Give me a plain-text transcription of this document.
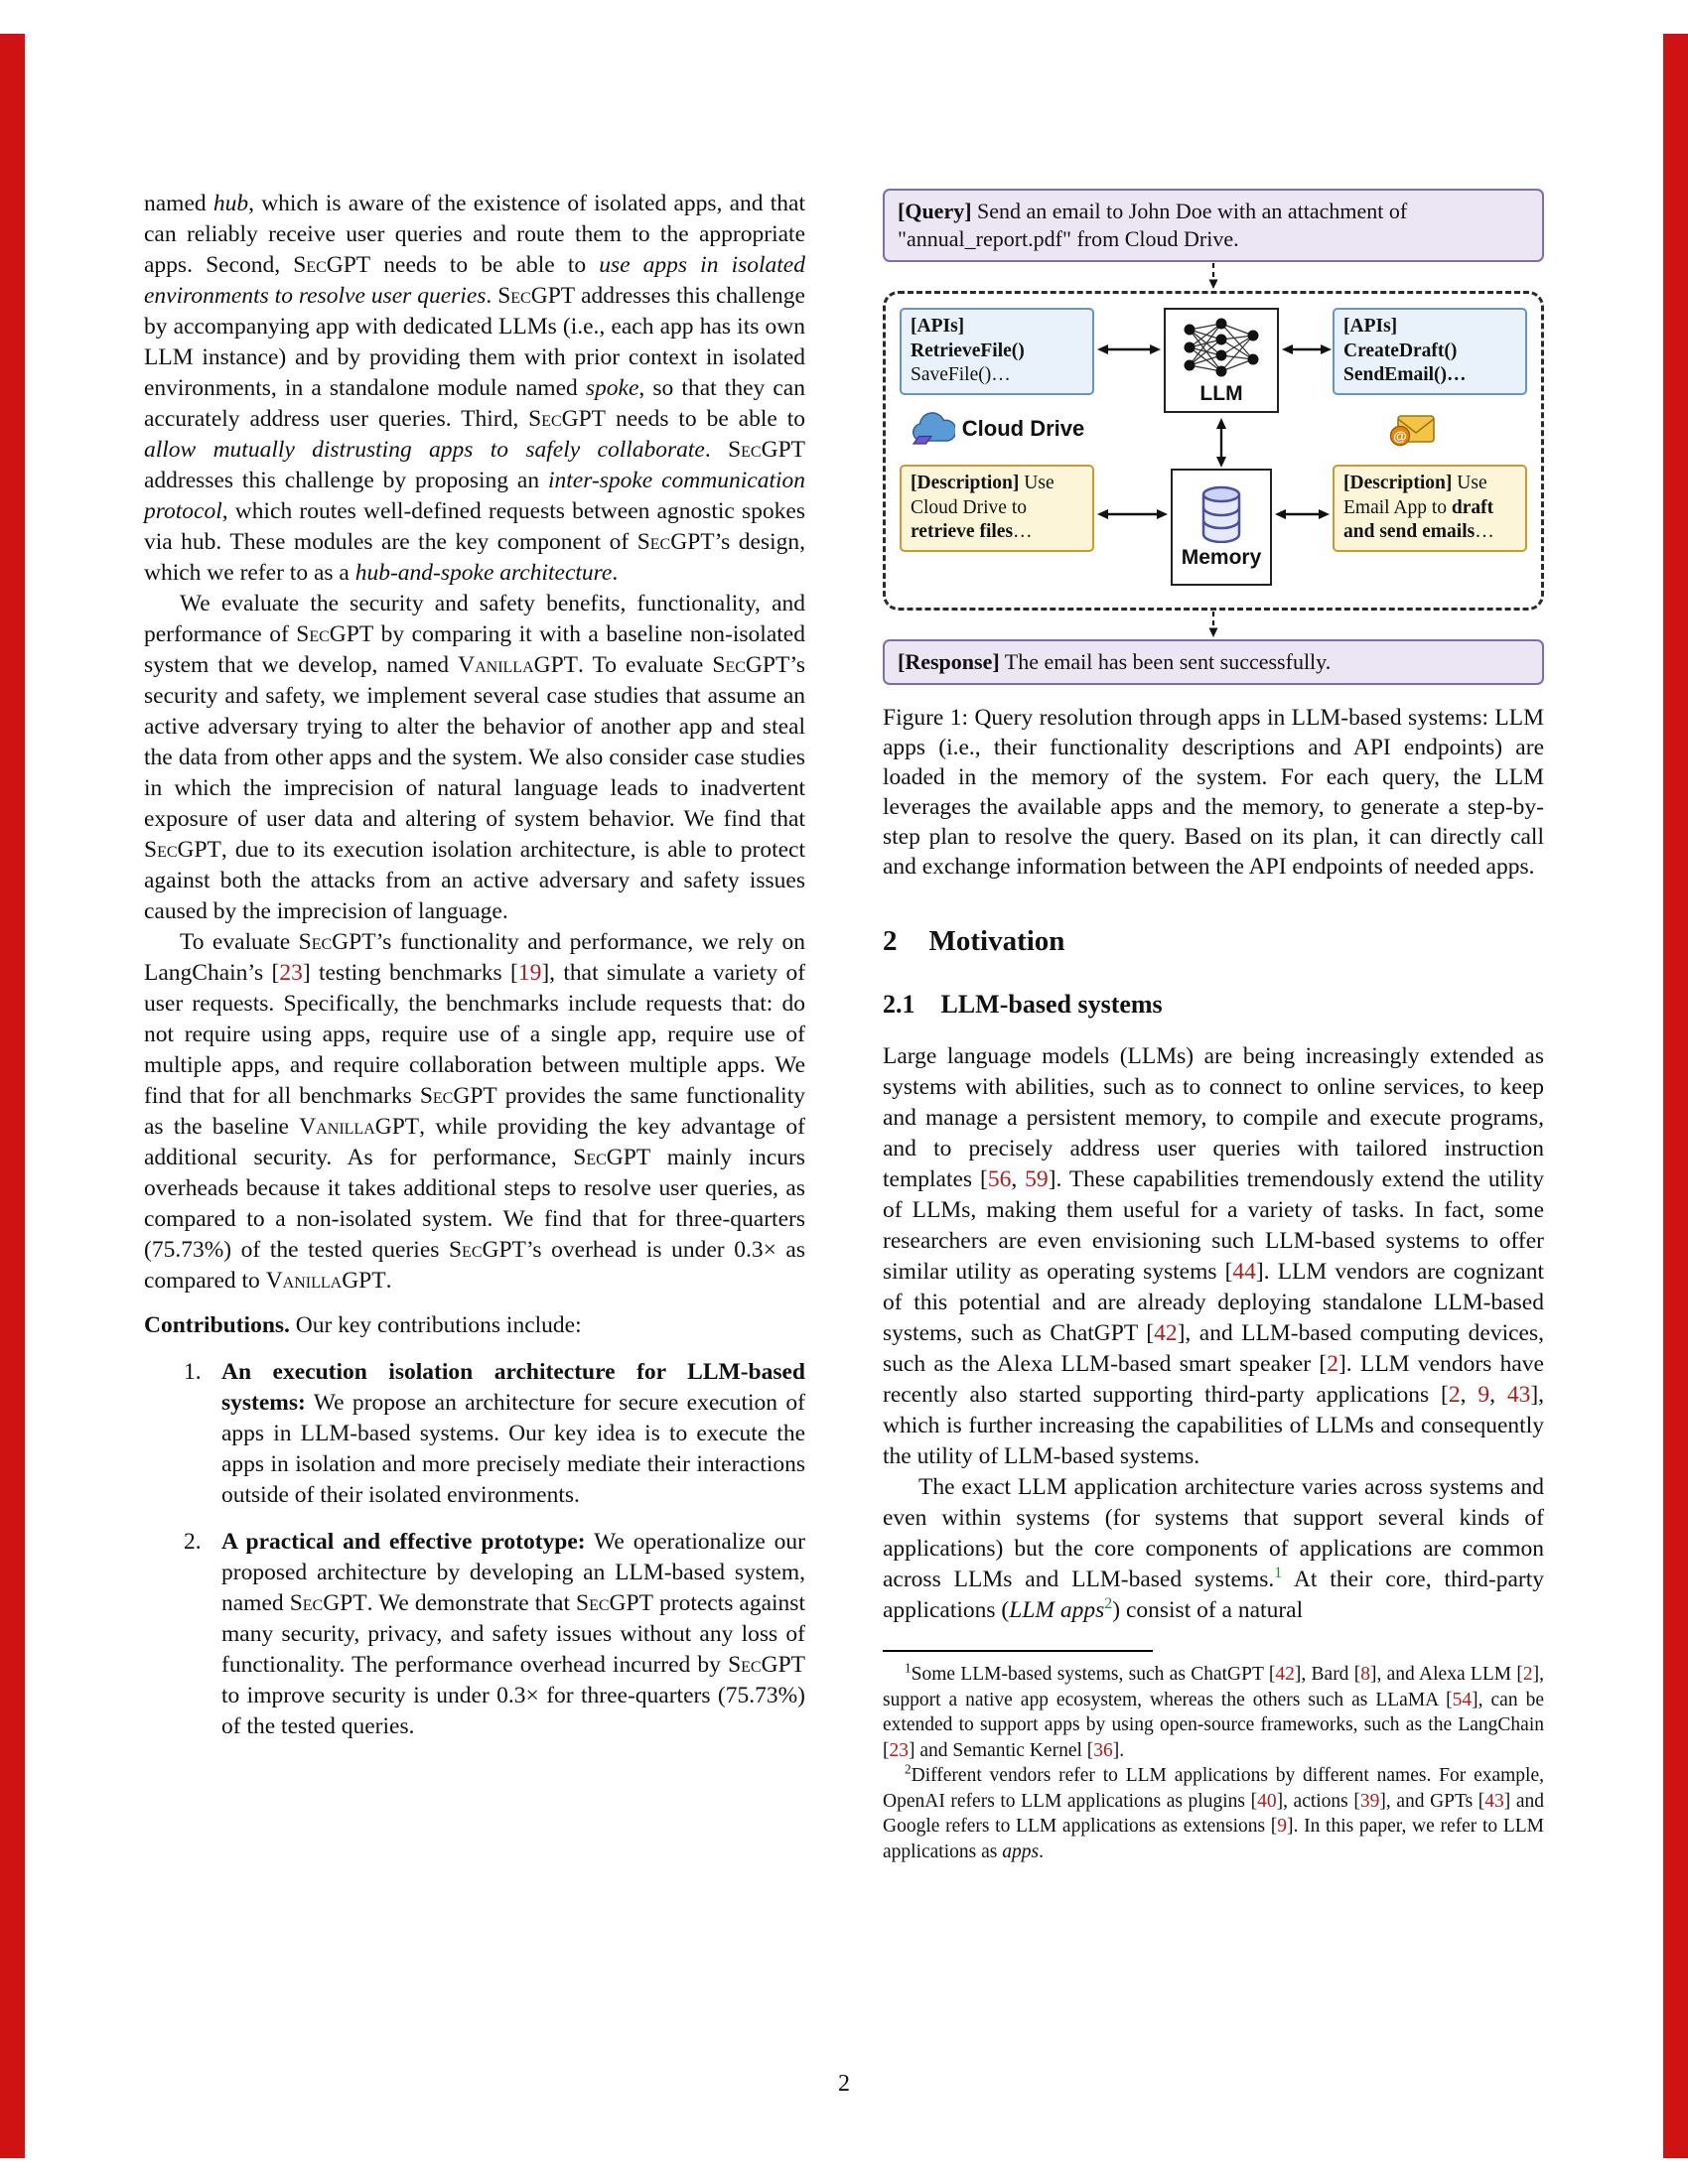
named hub, which is aware of the existence of isolated apps, and that can reliably receive user queries and route them to the appropriate apps. Second, SecGPT needs to be able to use apps in isolated environments to resolve user queries. SecGPT addresses this challenge by accompanying app with dedicated LLMs (i.e., each app has its own LLM instance) and by providing them with prior context in isolated environments, in a standalone module named spoke, so that they can accurately address user queries. Third, SecGPT needs to be able to allow mutually distrusting apps to safely collaborate. SecGPT addresses this challenge by proposing an inter-spoke communication protocol, which routes well-defined requests between agnostic spokes via hub. These modules are the key component of SecGPT’s design, which we refer to as a hub-and-spoke architecture.

We evaluate the security and safety benefits, functionality, and performance of SecGPT by comparing it with a baseline non-isolated system that we develop, named VanillaGPT. To evaluate SecGPT’s security and safety, we implement several case studies that assume an active adversary trying to alter the behavior of another app and steal the data from other apps and the system. We also consider case studies in which the imprecision of natural language leads to inadvertent exposure of user data and altering of system behavior. We find that SecGPT, due to its execution isolation architecture, is able to protect against both the attacks from an active adversary and safety issues caused by the imprecision of language.

To evaluate SecGPT’s functionality and performance, we rely on LangChain’s [23] testing benchmarks [19], that simulate a variety of user requests. Specifically, the benchmarks include requests that: do not require using apps, require use of a single app, require use of multiple apps, and require collaboration between multiple apps. We find that for all benchmarks SecGPT provides the same functionality as the baseline VanillaGPT, while providing the key advantage of additional security. As for performance, SecGPT mainly incurs overheads because it takes additional steps to resolve user queries, as compared to a non-isolated system. We find that for three-quarters (75.73%) of the tested queries SecGPT’s overhead is under 0.3× as compared to VanillaGPT.

Contributions. Our key contributions include:

1. An execution isolation architecture for LLM-based systems: We propose an architecture for secure execution of apps in LLM-based systems. Our key idea is to execute the apps in isolation and more precisely mediate their interactions outside of their isolated environments.

2. A practical and effective prototype: We operationalize our proposed architecture by developing an LLM-based system, named SecGPT. We demonstrate that SecGPT protects against many security, privacy, and safety issues without any loss of functionality. The performance overhead incurred by SecGPT to improve security is under 0.3× for three-quarters (75.73%) of the tested queries.

[Query] Send an email to John Doe with an attachment of "annual_report.pdf" from Cloud Drive.
[APIs]
RetrieveFile()
SaveFile()…
Cloud Drive
[Description] Use Cloud Drive to retrieve files…
LLM
Memory
[APIs]
CreateDraft()
SendEmail()…
@
[Description] Use Email App to draft and send emails…
[Response] The email has been sent successfully.
Figure 1: Query resolution through apps in LLM-based systems: LLM apps (i.e., their functionality descriptions and API endpoints) are loaded in the memory of the system. For each query, the LLM leverages the available apps and the memory, to generate a step-by-step plan to resolve the query. Based on its plan, it can directly call and exchange information between the API endpoints of needed apps.
2 Motivation
2.1 LLM-based systems

Large language models (LLMs) are being increasingly extended as systems with abilities, such as to connect to online services, to keep and manage a persistent memory, to compile and execute programs, and to precisely address user queries with tailored instruction templates [56, 59]. These capabilities tremendously extend the utility of LLMs, making them useful for a variety of tasks. In fact, some researchers are even envisioning such LLM-based systems to offer similar utility as operating systems [44]. LLM vendors are cognizant of this potential and are already deploying standalone LLM-based systems, such as ChatGPT [42], and LLM-based computing devices, such as the Alexa LLM-based smart speaker [2]. LLM vendors have recently also started supporting third-party applications [2, 9, 43], which is further increasing the capabilities of LLMs and consequently the utility of LLM-based systems.

The exact LLM application architecture varies across systems and even within systems (for systems that support several kinds of applications) but the core components of applications are common across LLMs and LLM-based systems.$^1$ At their core, third-party applications (LLM apps$^2$) consist of a natural

$^1$Some LLM-based systems, such as ChatGPT [42], Bard [8], and Alexa LLM [2], support a native app ecosystem, whereas the others such as LLaMA [54], can be extended to support apps by using open-source frameworks, such as the LangChain [23] and Semantic Kernel [36].

$^2$Different vendors refer to LLM applications by different names. For example, OpenAI refers to LLM applications as plugins [40], actions [39], and GPTs [43] and Google refers to LLM applications as extensions [9]. In this paper, we refer to LLM applications as apps.

2
